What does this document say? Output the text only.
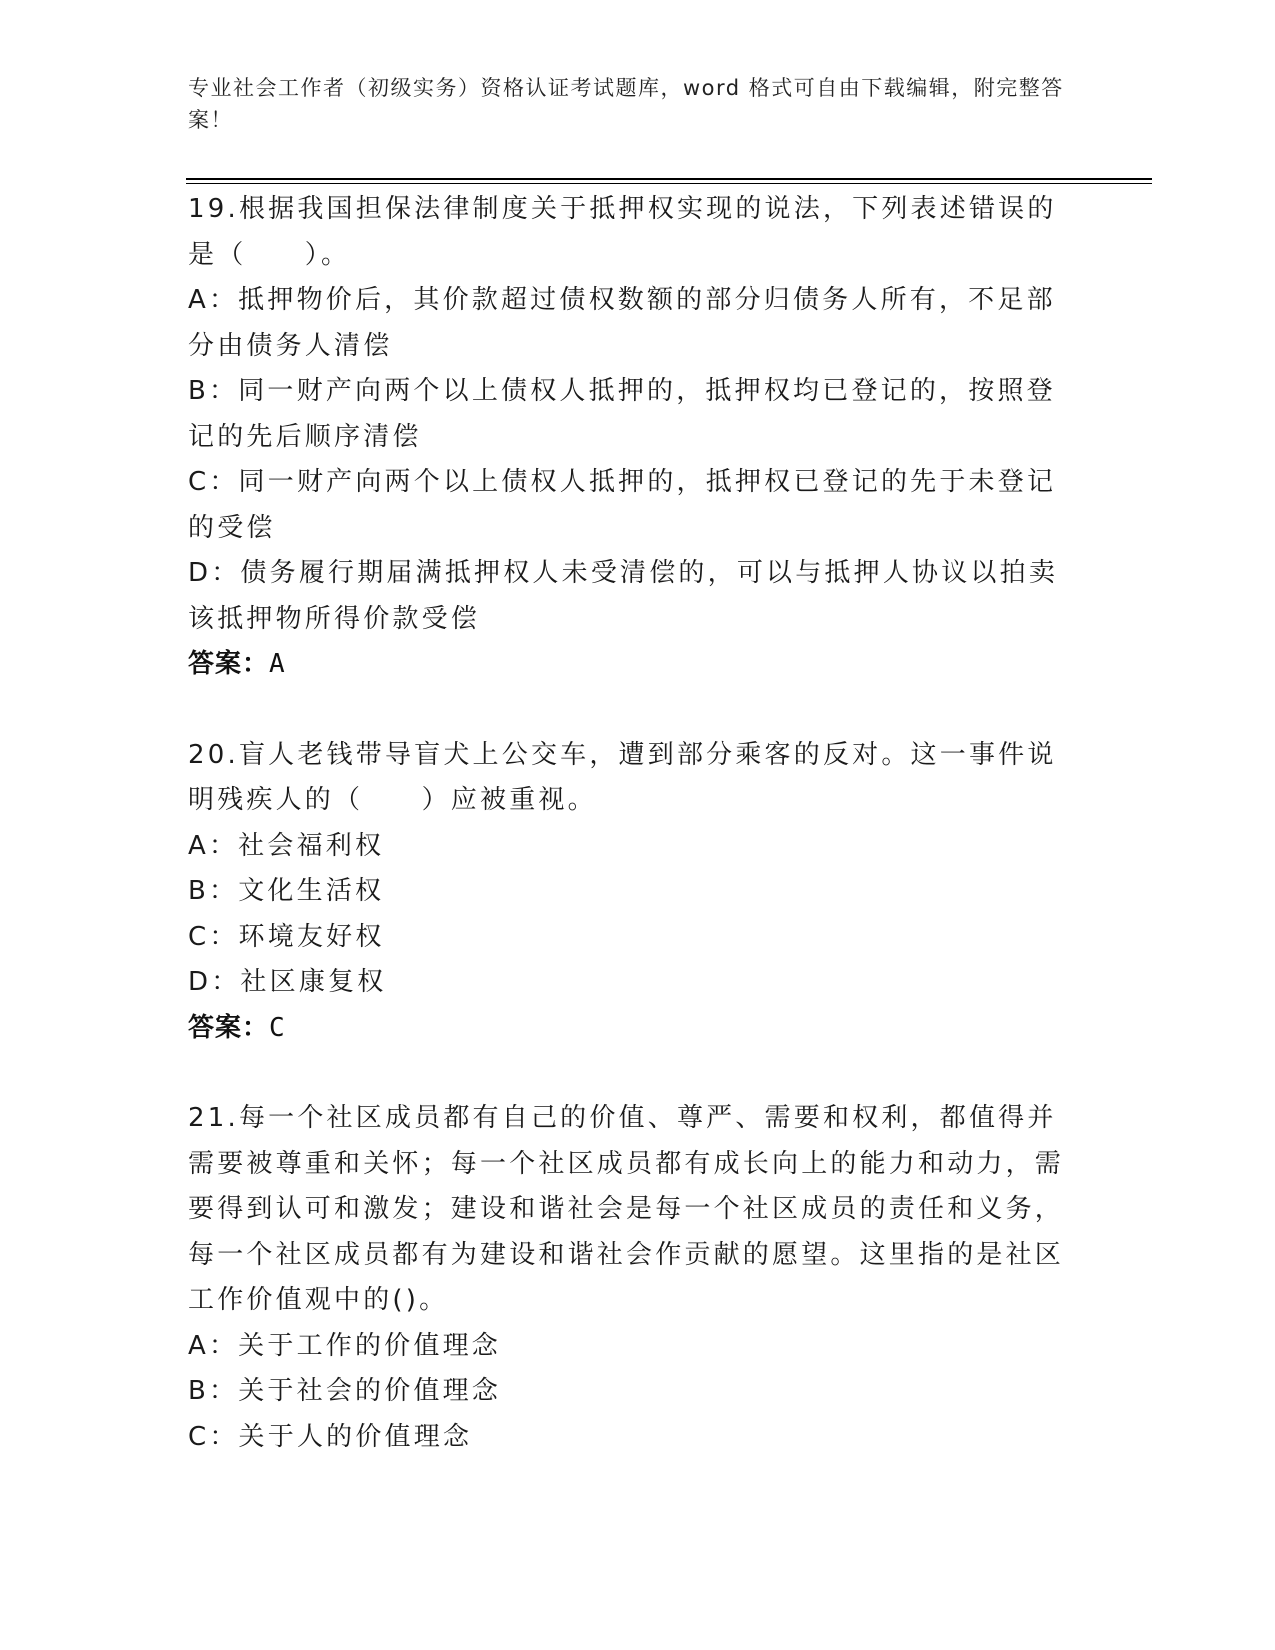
专业社会工作者（初级实务）资格认证考试题库，word 格式可自由下载编辑，附完整答案！
19.根据我国担保法律制度关于抵押权实现的说法，下列表述错误的是（　　）。
A：抵押物价后，其价款超过债权数额的部分归债务人所有，不足部分由债务人清偿
B：同一财产向两个以上债权人抵押的，抵押权均已登记的，按照登记的先后顺序清偿
C：同一财产向两个以上债权人抵押的，抵押权已登记的先于未登记的受偿
D：债务履行期届满抵押权人未受清偿的，可以与抵押人协议以拍卖该抵押物所得价款受偿
答案：A
20.盲人老钱带导盲犬上公交车，遭到部分乘客的反对。这一事件说明残疾人的（　　）应被重视。
A：社会福利权
B：文化生活权
C：环境友好权
D：社区康复权
答案：C
21.每一个社区成员都有自己的价值、尊严、需要和权利，都值得并需要被尊重和关怀；每一个社区成员都有成长向上的能力和动力，需要得到认可和激发；建设和谐社会是每一个社区成员的责任和义务，每一个社区成员都有为建设和谐社会作贡献的愿望。这里指的是社区工作价值观中的()。
A：关于工作的价值理念
B：关于社会的价值理念
C：关于人的价值理念
